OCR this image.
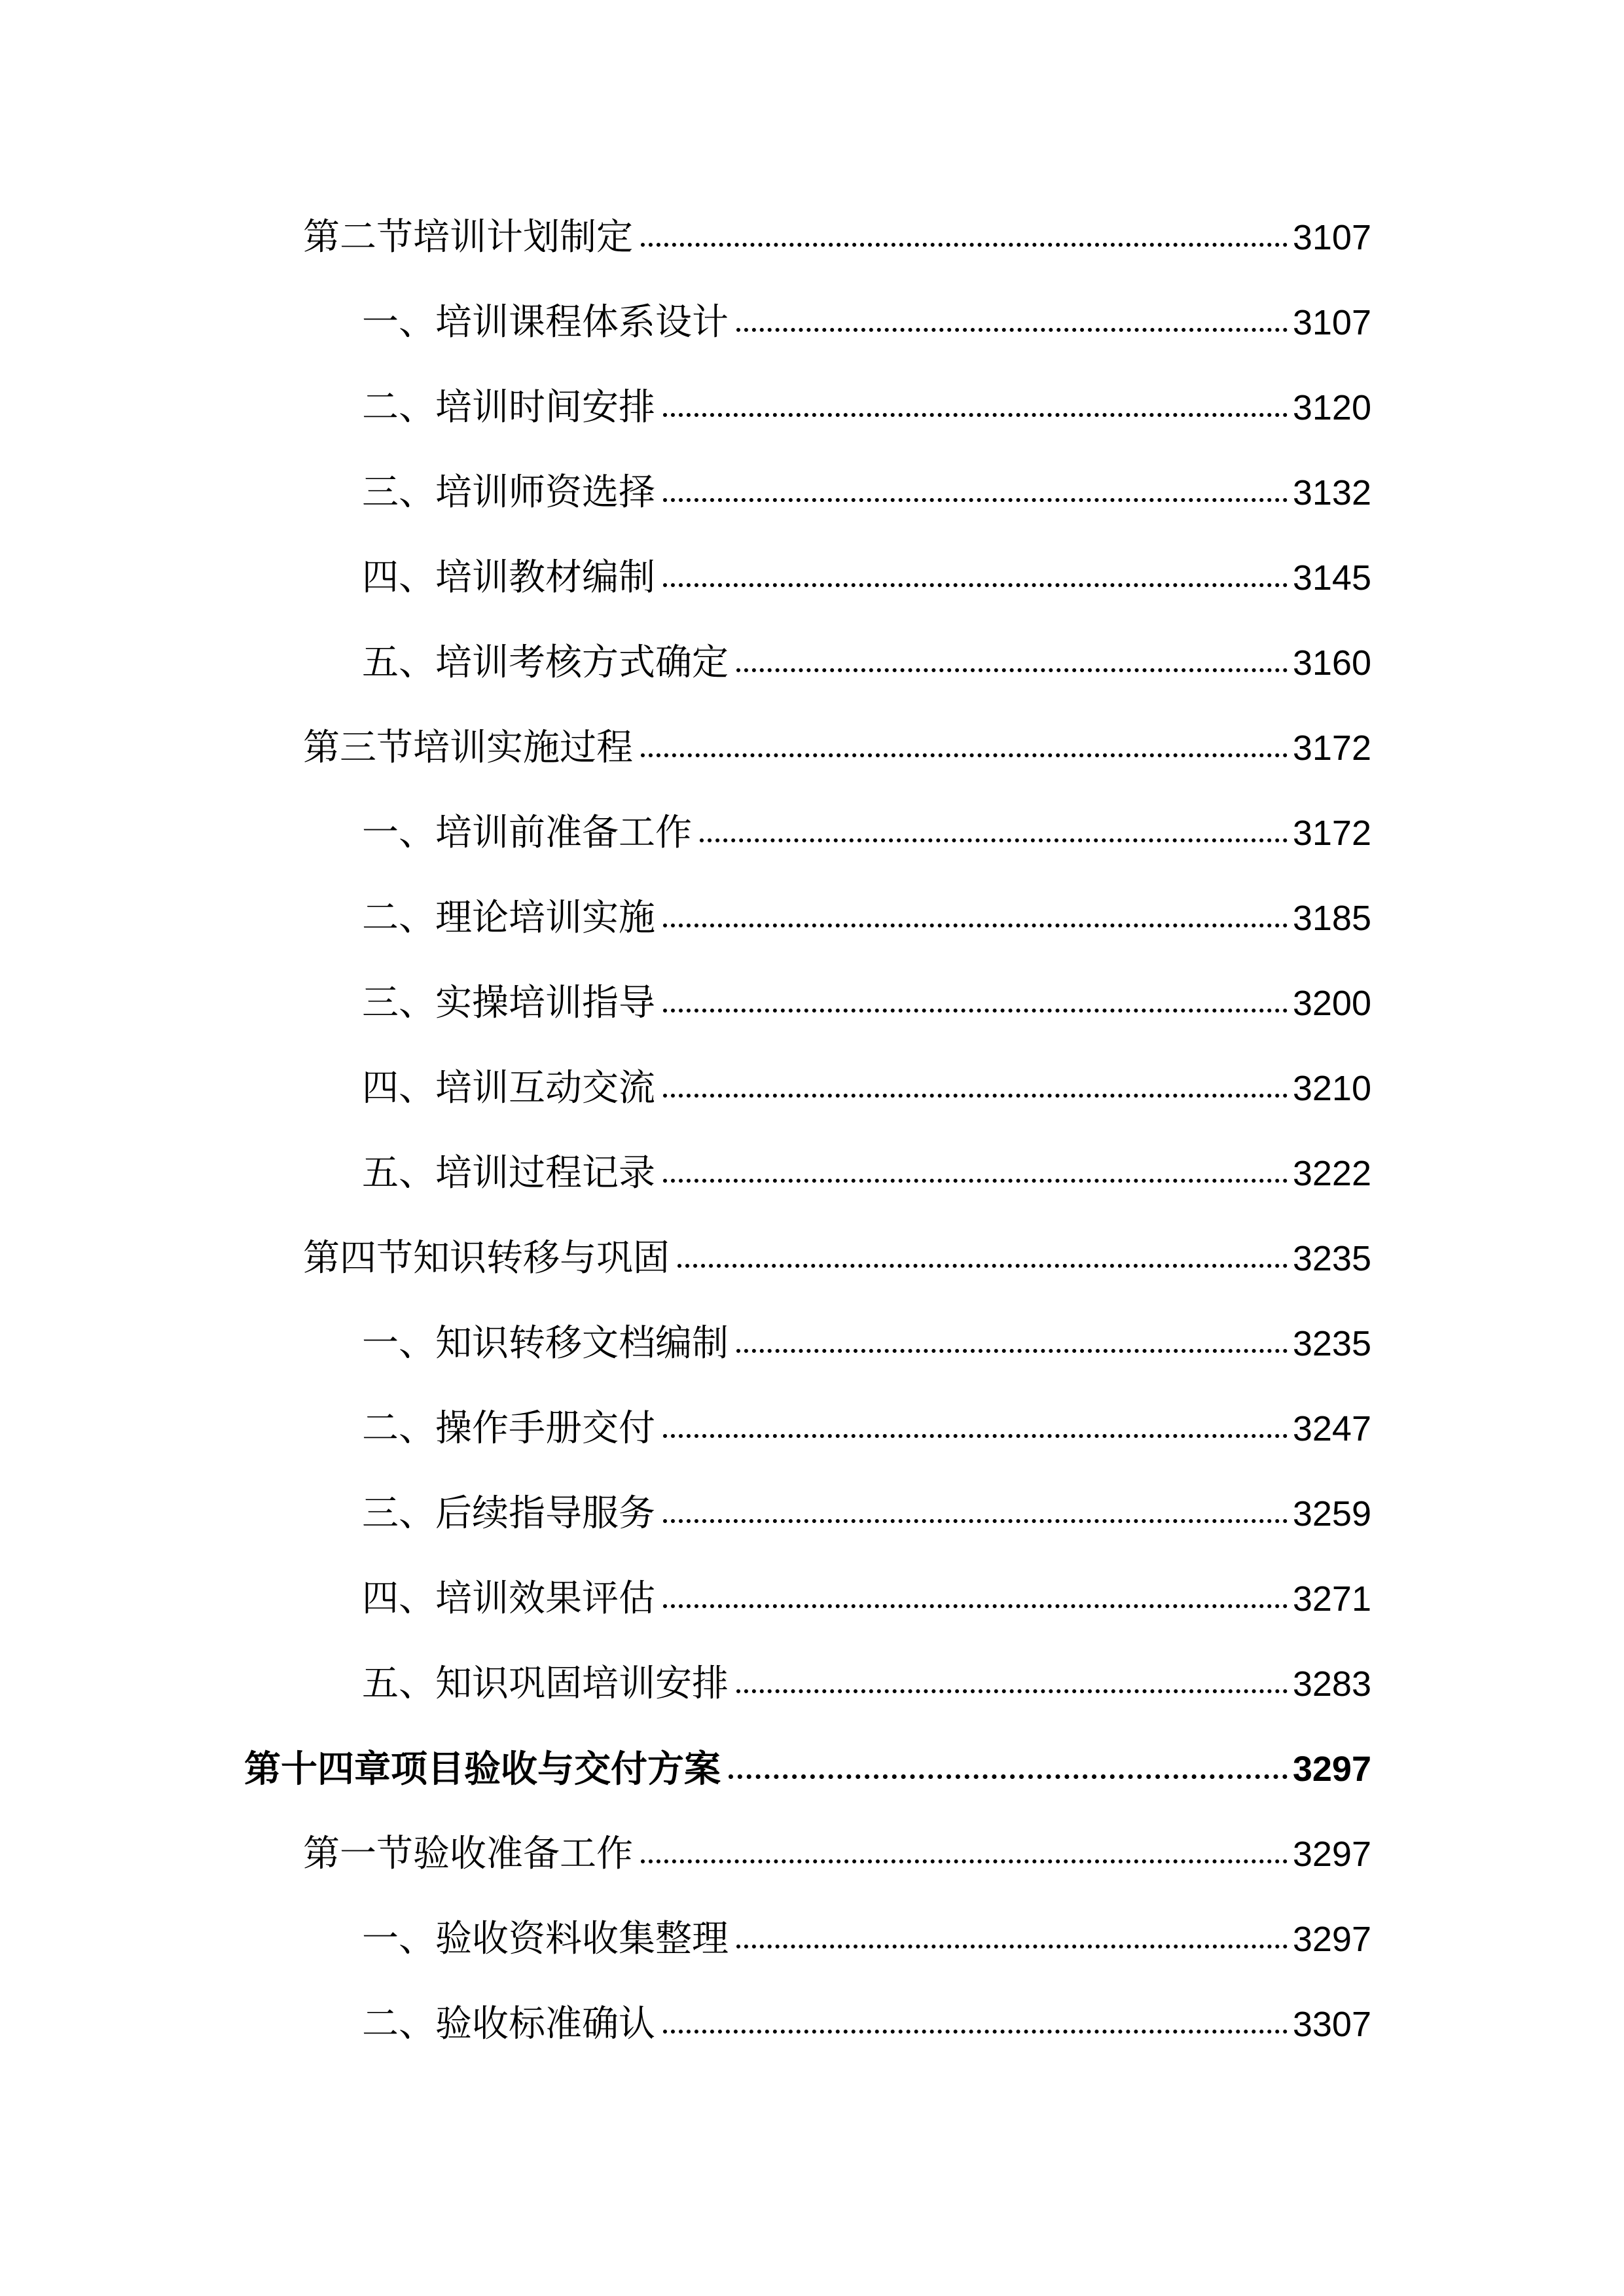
第二节培训计划制定	3107
一、培训课程体系设计	3107
二、培训时间安排	3120
三、培训师资选择	3132
四、培训教材编制	3145
五、培训考核方式确定	3160
第三节培训实施过程	3172
一、培训前准备工作	3172
二、理论培训实施	3185
三、实操培训指导	3200
四、培训互动交流	3210
五、培训过程记录	3222
第四节知识转移与巩固	3235
一、知识转移文档编制	3235
二、操作手册交付	3247
三、后续指导服务	3259
四、培训效果评估	3271
五、知识巩固培训安排	3283
第十四章项目验收与交付方案	3297
第一节验收准备工作	3297
一、验收资料收集整理	3297
二、验收标准确认	3307
